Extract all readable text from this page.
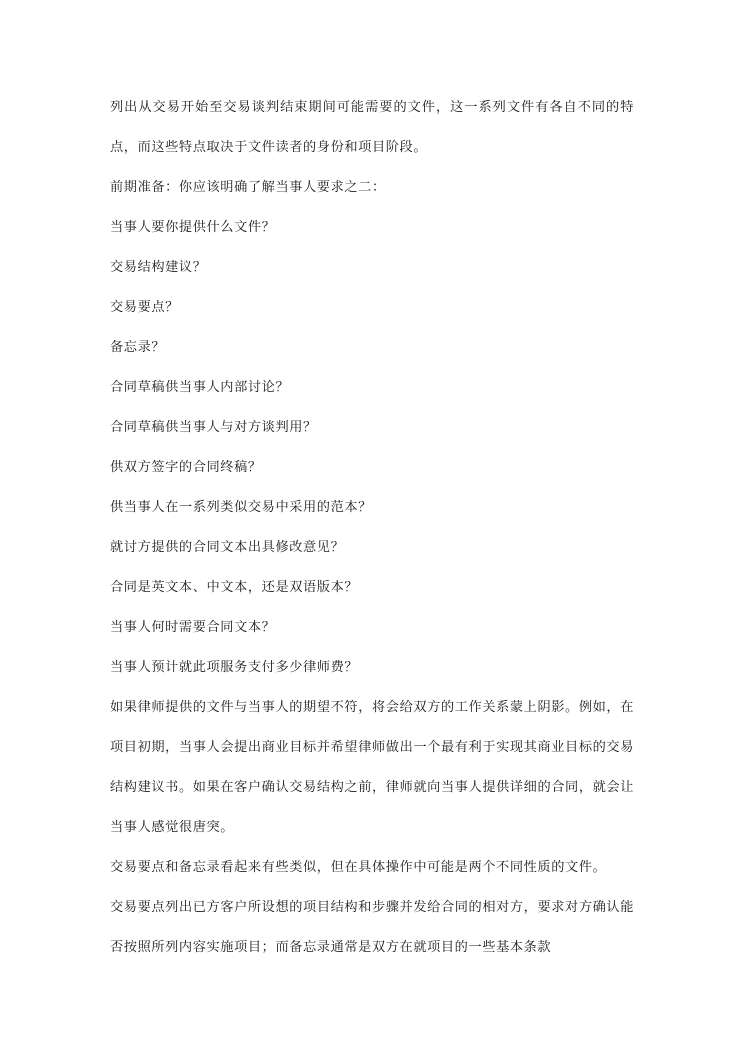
列出从交易开始至交易谈判结束期间可能需要的文件，这一系列文件有各自不同的特点，而这些特点取决于文件读者的身份和项目阶段。

前期准备：你应该明确了解当事人要求之二：

当事人要你提供什么文件？

交易结构建议？

交易要点？

备忘录？

合同草稿供当事人内部讨论？

合同草稿供当事人与对方谈判用？

供双方签字的合同终稿？

供当事人在一系列类似交易中采用的范本？

就讨方提供的合同文本出具修改意见？

合同是英文本、中文本，还是双语版本？

当事人何时需要合同文本？

当事人预计就此项服务支付多少律师费？

如果律师提供的文件与当事人的期望不符，将会给双方的工作关系蒙上阴影。例如，在项目初期，当事人会提出商业目标并希望律师做出一个最有利于实现其商业目标的交易结构建议书。如果在客户确认交易结构之前，律师就向当事人提供详细的合同，就会让当事人感觉很唐突。

交易要点和备忘录看起来有些类似，但在具体操作中可能是两个不同性质的文件。

交易要点列出已方客户所设想的项目结构和步骤并发给合同的相对方，要求对方确认能否按照所列内容实施项目；而备忘录通常是双方在就项目的一些基本条款
